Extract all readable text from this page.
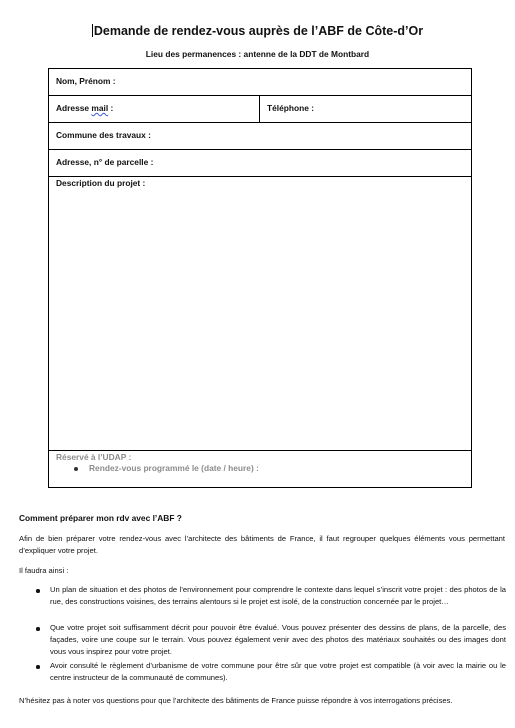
Demande de rendez-vous auprès de l’ABF de Côte-d’Or
Lieu des permanences : antenne de la DDT de Montbard
Nom, Prénom :
Adresse mail :	Téléphone :
Commune des travaux :
Adresse, n° de parcelle :
Description du projet :
Réservé à l’UDAP :
Rendez-vous programmé le (date / heure) :
Comment préparer mon rdv avec l’ABF ?
Afin de bien préparer votre rendez-vous avec l’architecte des bâtiments de France, il faut regrouper quelques éléments vous permettant d’expliquer votre projet.
Il faudra ainsi :
Un plan de situation et des photos de l’environnement pour comprendre le contexte dans lequel s’inscrit votre projet : des photos de la rue, des constructions voisines, des terrains alentours si le projet est isolé, de la construction concernée par le projet…
Que votre projet soit suffisamment décrit pour pouvoir être évalué. Vous pouvez présenter des dessins de plans, de la parcelle, des façades, voire une coupe sur le terrain. Vous pouvez également venir avec des photos des matériaux souhaités ou des images dont vous vous inspirez pour votre projet.
Avoir consulté le règlement d’urbanisme de votre commune pour être sûr que votre projet est compatible (à voir avec la mairie ou le centre instructeur de la communauté de communes).
N’hésitez pas à noter vos questions pour que l’architecte des bâtiments de France puisse répondre à vos interrogations précises.
